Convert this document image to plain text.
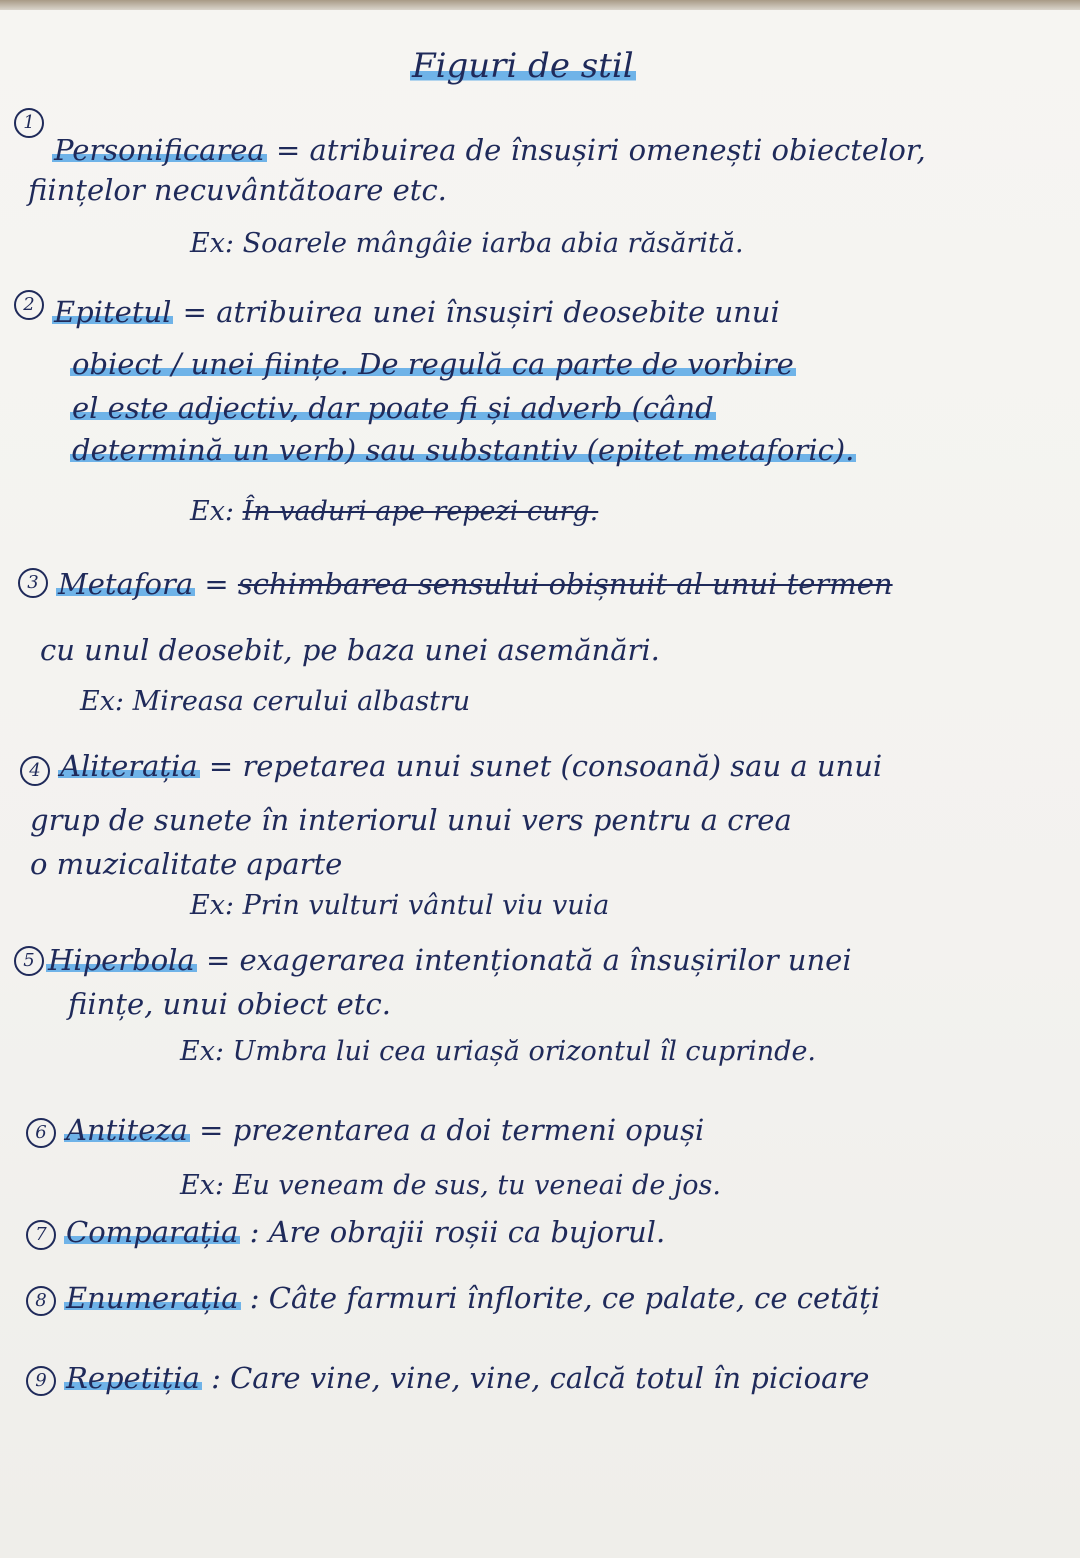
Figuri de stil
1
Personificarea = atribuirea de însușiri omenești obiectelor,
ființelor necuvântătoare etc.
Ex: Soarele mângâie iarba abia răsărită.
2 Epitetul = atribuirea unei însușiri deosebite unui
obiect / unei ființe. De regulă ca parte de vorbire
el este adjectiv, dar poate fi și adverb (când
determină un verb) sau substantiv (epitet metaforic).
Ex: În vaduri ape repezi curg.
3 Metafora = schimbarea sensului obișnuit al unui termen
cu unul deosebit, pe baza unei asemănări.
Ex: Mireasa cerului albastru
4 Aliterația = repetarea unui sunet (consoană) sau a unui
grup de sunete în interiorul unui vers pentru a crea
o muzicalitate aparte
Ex: Prin vulturi vântul viu vuia
5 Hiperbola = exagerarea intenționată a însușirilor unei
ființe, unui obiect etc.
Ex: Umbra lui cea uriașă orizontul îl cuprinde.
6 Antiteza = prezentarea a doi termeni opuși
Ex: Eu veneam de sus, tu veneai de jos.
7 Comparația : Are obrajii roșii ca bujorul.
8 Enumerația : Câte farmuri înflorite, ce palate, ce cetăți
9 Repetiția : Care vine, vine, vine, calcă totul în picioare
